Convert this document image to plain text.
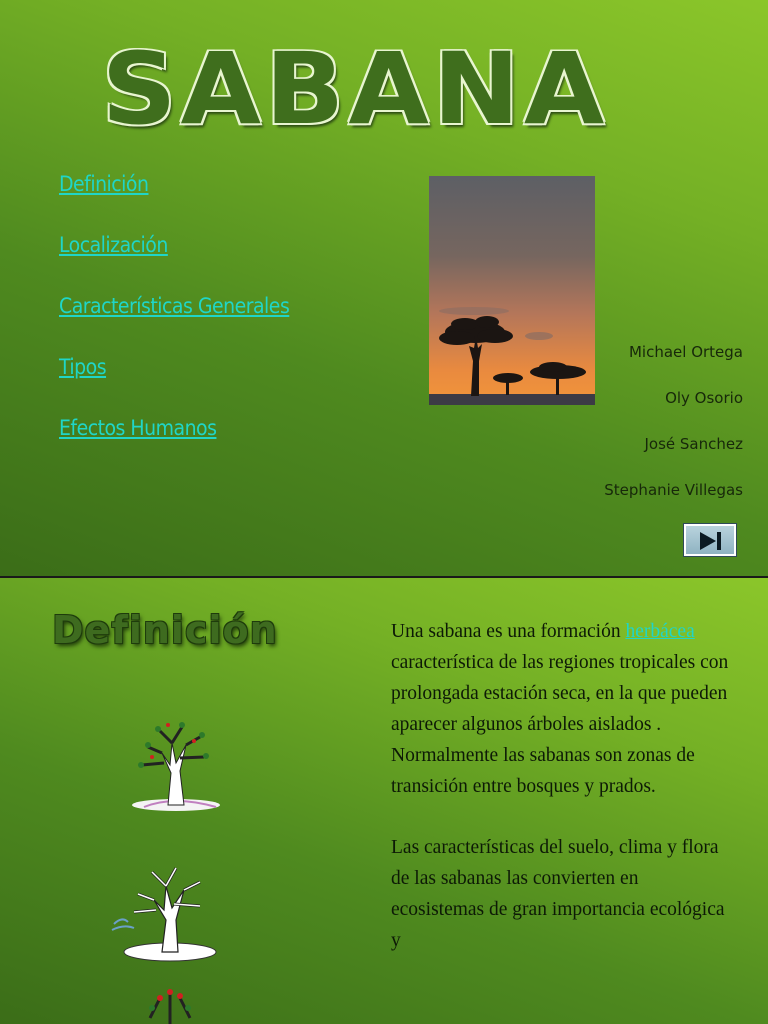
SABANA
Definición
Localización
Características Generales
Tipos
Efectos Humanos
Michael Ortega
Oly Osorio
José Sanchez
Stephanie Villegas
Definición	Una sabana es una formación herbácea característica de las regiones tropicales con prolongada estación seca, en la que pueden aparecer algunos árboles aislados . Normalmente las sabanas son zonas de transición entre bosques y prados.

Las características del suelo, clima y flora de las sabanas las convierten en ecosistemas de gran importancia ecológica y
